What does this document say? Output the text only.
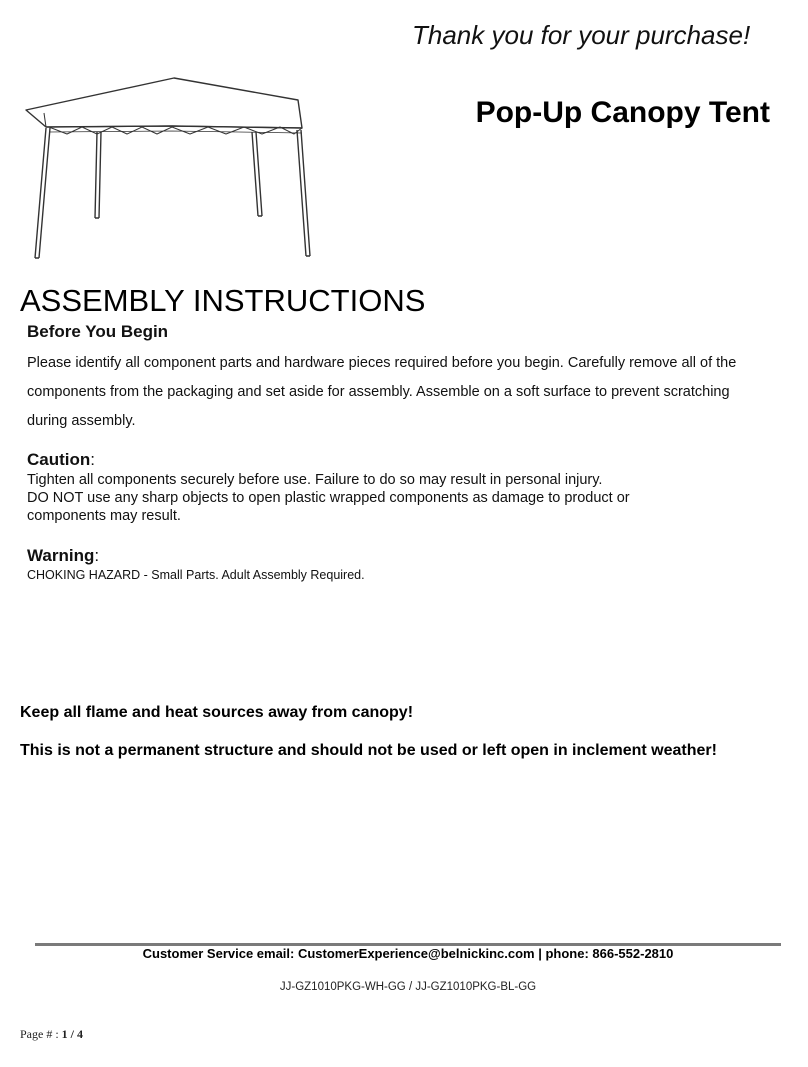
Thank you for your purchase!
Pop-Up Canopy Tent
ASSEMBLY INSTRUCTIONS
Before You Begin

Please identify all component parts and hardware pieces required before you begin. Carefully remove all of the

components from the packaging and set aside for assembly. Assemble on a soft surface to prevent scratching

during assembly.

Caution:

Tighten all components securely before use. Failure to do so may result in personal injury.

DO NOT use any sharp objects to open plastic wrapped components as damage to product or

components may result.

Warning:
CHOKING HAZARD - Small Parts. Adult Assembly Required.
Keep all flame and heat sources away from canopy!
This is not a permanent structure and should not be used or left open in inclement weather!
Customer Service email: CustomerExperience@belnickinc.com | phone: 866-552-2810
JJ-GZ1010PKG-WH-GG / JJ-GZ1010PKG-BL-GG
Page # : 1 / 4
